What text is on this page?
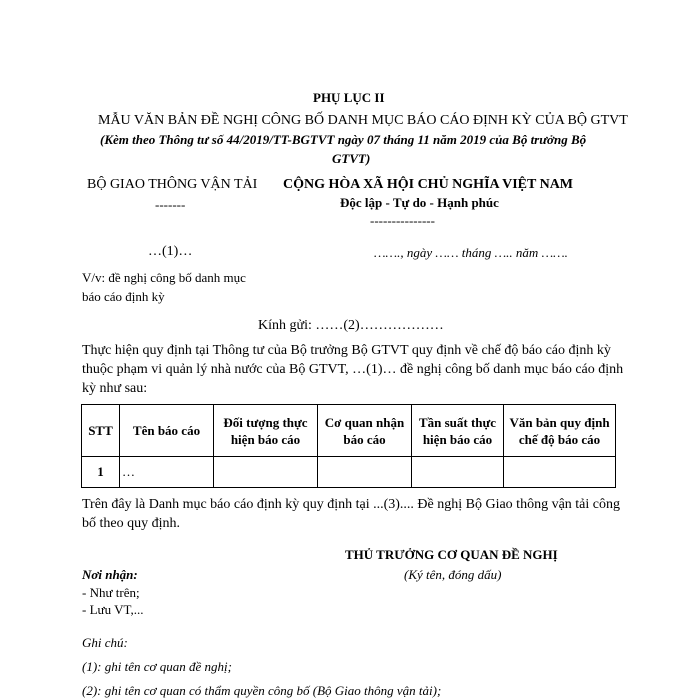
PHỤ LỤC II
MẪU VĂN BẢN ĐỀ NGHỊ CÔNG BỐ DANH MỤC BÁO CÁO ĐỊNH KỲ CỦA BỘ GTVT
(Kèm theo Thông tư số 44/2019/TT-BGTVT ngày 07 tháng 11 năm 2019 của Bộ trưởng Bộ
GTVT)
BỘ GIAO THÔNG VẬN TẢI
-------
…(1)…
CỘNG HÒA XÃ HỘI CHỦ NGHĨA VIỆT NAM
Độc lập - Tự do - Hạnh phúc
---------------
……., ngày …… tháng ….. năm …….
V/v: đề nghị công bố danh mục
báo cáo định kỳ
Kính gửi: ……(2)………………
Thực hiện quy định tại Thông tư của Bộ trưởng Bộ GTVT quy định về chế độ báo cáo định kỳ
thuộc phạm vi quản lý nhà nước của Bộ GTVT, …(1)… đề nghị công bố danh mục báo cáo định
kỳ như sau:
STT	Tên báo cáo	Đối tượng thực hiện báo cáo	Cơ quan nhận báo cáo	Tần suất thực hiện báo cáo	Văn bản quy định chế độ báo cáo
1	…				
Trên đây là Danh mục báo cáo định kỳ quy định tại ...(3).... Đề nghị Bộ Giao thông vận tải công
bố theo quy định.
THỦ TRƯỞNG CƠ QUAN ĐỀ NGHỊ
(Ký tên, đóng dấu)
Nơi nhận:
- Như trên;
- Lưu VT,...
Ghi chú:
(1): ghi tên cơ quan đề nghị;
(2): ghi tên cơ quan có thẩm quyền công bố (Bộ Giao thông vận tải);
